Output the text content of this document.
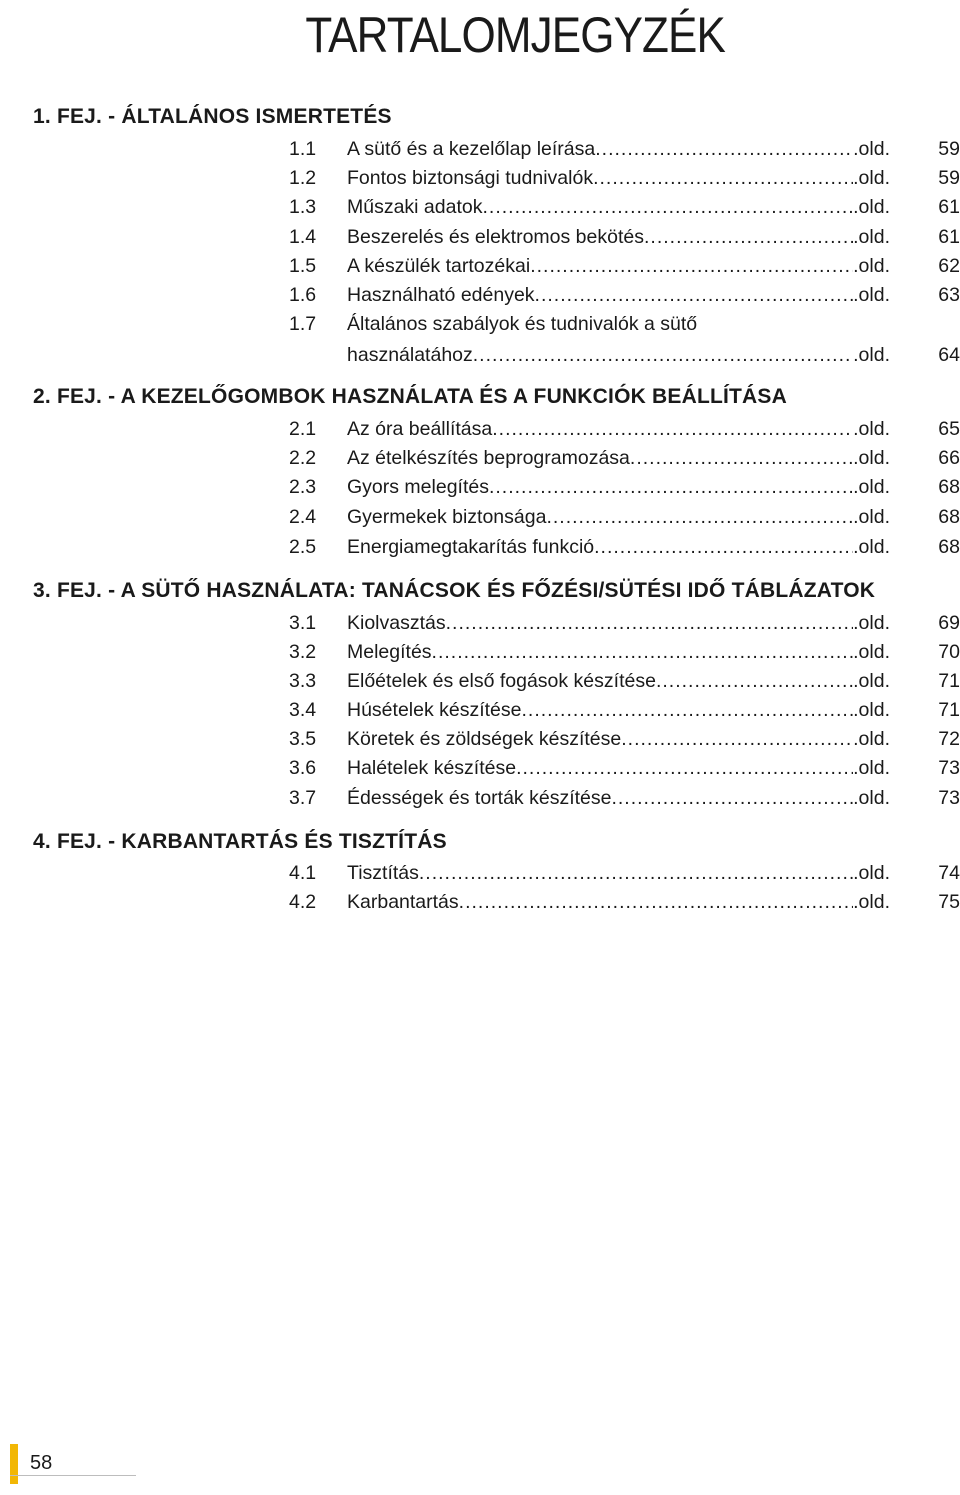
TARTALOMJEGYZÉK
1. FEJ. - ÁLTALÁNOS ISMERTETÉS
1.1	A sütő és a kezelőlap leírása .....	.old.	59
1.2	Fontos biztonsági tudnivalók .....	.old.	59
1.3	Műszaki adatok .....	.old.	61
1.4	Beszerelés és elektromos bekötés .....	.old.	61
1.5	A készülék tartozékai .....	.old.	62
1.6	Használható edények .....	.old.	63
1.7	Általános szabályok és tudnivalók a sütő
használatához .....	.old.	64
2. FEJ. - A KEZELŐGOMBOK HASZNÁLATA ÉS A FUNKCIÓK BEÁLLÍTÁSA
2.1	Az óra beállítása .....	.old.	65
2.2	Az ételkészítés beprogramozása .....	.old.	66
2.3	Gyors melegítés .....	.old.	68
2.4	Gyermekek biztonsága .....	.old.	68
2.5	Energiamegtakarítás funkció .....	.old.	68
3. FEJ. - A SÜTŐ HASZNÁLATA: TANÁCSOK ÉS FŐZÉSI/SÜTÉSI IDŐ TÁBLÁZATOK
3.1	Kiolvasztás .....	.old.	69
3.2	Melegítés .....	.old.	70
3.3	Előételek és első fogások készítése .....	.old.	71
3.4	Húsételek készítése .....	.old.	71
3.5	Köretek és zöldségek készítése .....	.old.	72
3.6	Halételek készítése .....	.old.	73
3.7	Édességek és torták készítése .....	.old.	73
4. FEJ. - KARBANTARTÁS ÉS TISZTÍTÁS
4.1	Tisztítás .....	.old.	74
4.2	Karbantartás .....	.old.	75
58
